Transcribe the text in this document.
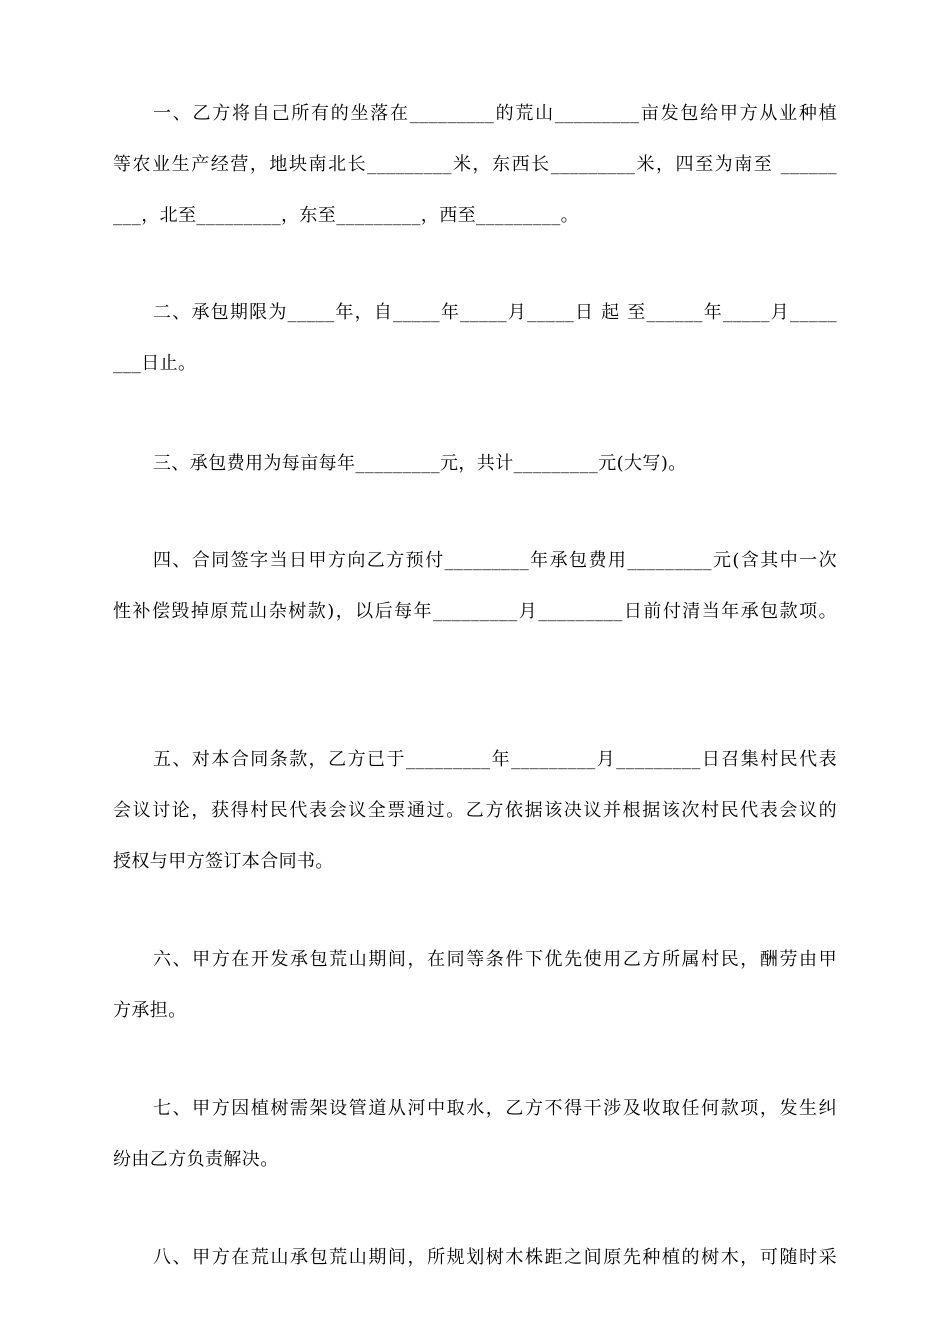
一、乙方将自己所有的坐落在_________的荒山_________亩发包给甲方从业种植
等农业生产经营，地块南北长_________米，东西长_________米，四至为南至 ______
___，北至_________，东至_________，西至_________。
二、承包期限为_____年，自_____年_____月_____日 起 至______年_____月_____
___日止。
三、承包费用为每亩每年_________元，共计_________元(大写)。
四、合同签字当日甲方向乙方预付_________年承包费用_________元(含其中一次
性补偿毁掉原荒山杂树款)，以后每年_________月_________日前付清当年承包款项。
五、对本合同条款，乙方已于_________年_________月_________日召集村民代表
会议讨论，获得村民代表会议全票通过。乙方依据该决议并根据该次村民代表会议的
授权与甲方签订本合同书。
六、甲方在开发承包荒山期间，在同等条件下优先使用乙方所属村民，酬劳由甲
方承担。
七、甲方因植树需架设管道从河中取水，乙方不得干涉及收取任何款项，发生纠
纷由乙方负责解决。
八、甲方在荒山承包荒山期间，所规划树木株距之间原先种植的树木，可随时采
